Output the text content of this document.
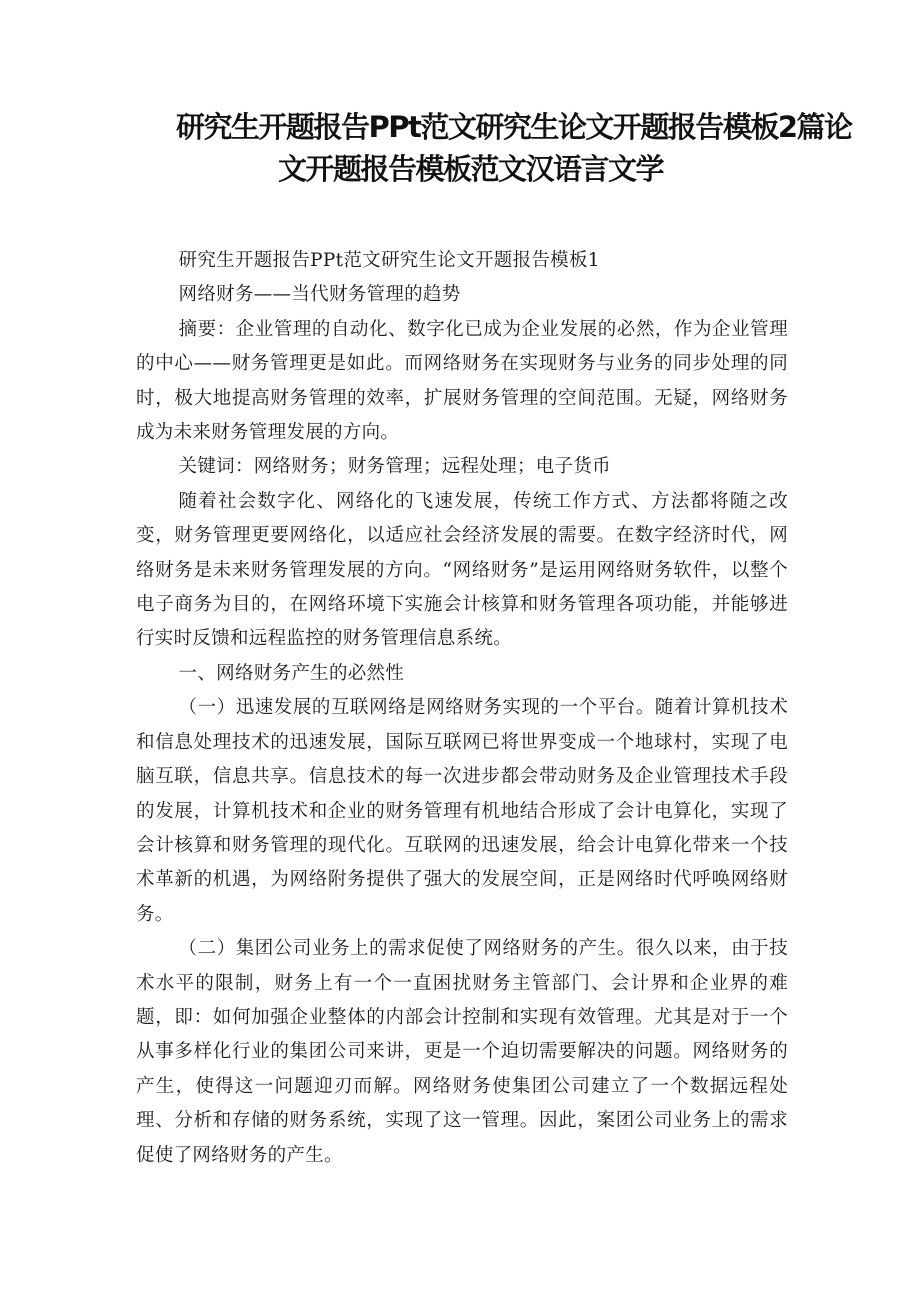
研究生开题报告PPt范文研究生论文开题报告模板2篇论
文开题报告模板范文汉语言文学

研究生开题报告PPt范文研究生论文开题报告模板1

网络财务——当代财务管理的趋势

摘要：企业管理的自动化、数字化已成为企业发展的必然，作为企业管理的中心——财务管理更是如此。而网络财务在实现财务与业务的同步处理的同时，极大地提高财务管理的效率，扩展财务管理的空间范围。无疑，网络财务成为未来财务管理发展的方向。

关键词：网络财务；财务管理；远程处理；电子货币

随着社会数字化、网络化的飞速发展，传统工作方式、方法都将随之改变，财务管理更要网络化，以适应社会经济发展的需要。在数字经济时代，网络财务是未来财务管理发展的方向。“网络财务”是运用网络财务软件，以整个电子商务为目的，在网络环境下实施会计核算和财务管理各项功能，并能够进行实时反馈和远程监控的财务管理信息系统。

一、网络财务产生的必然性

（一）迅速发展的互联网络是网络财务实现的一个平台。随着计算机技术和信息处理技术的迅速发展，国际互联网已将世界变成一个地球村，实现了电脑互联，信息共享。信息技术的每一次进步都会带动财务及企业管理技术手段的发展，计算机技术和企业的财务管理有机地结合形成了会计电算化，实现了会计核算和财务管理的现代化。互联网的迅速发展，给会计电算化带来一个技术革新的机遇，为网络附务提供了强大的发展空间，正是网络时代呼唤网络财务。

（二）集团公司业务上的需求促使了网络财务的产生。很久以来，由于技术水平的限制，财务上有一个一直困扰财务主管部门、会计界和企业界的难题，即：如何加强企业整体的内部会计控制和实现有效管理。尤其是对于一个从事多样化行业的集团公司来讲，更是一个迫切需要解决的问题。网络财务的产生，使得这一问题迎刃而解。网络财务使集团公司建立了一个数据远程处理、分析和存储的财务系统，实现了这一管理。因此，案团公司业务上的需求促使了网络财务的产生。
